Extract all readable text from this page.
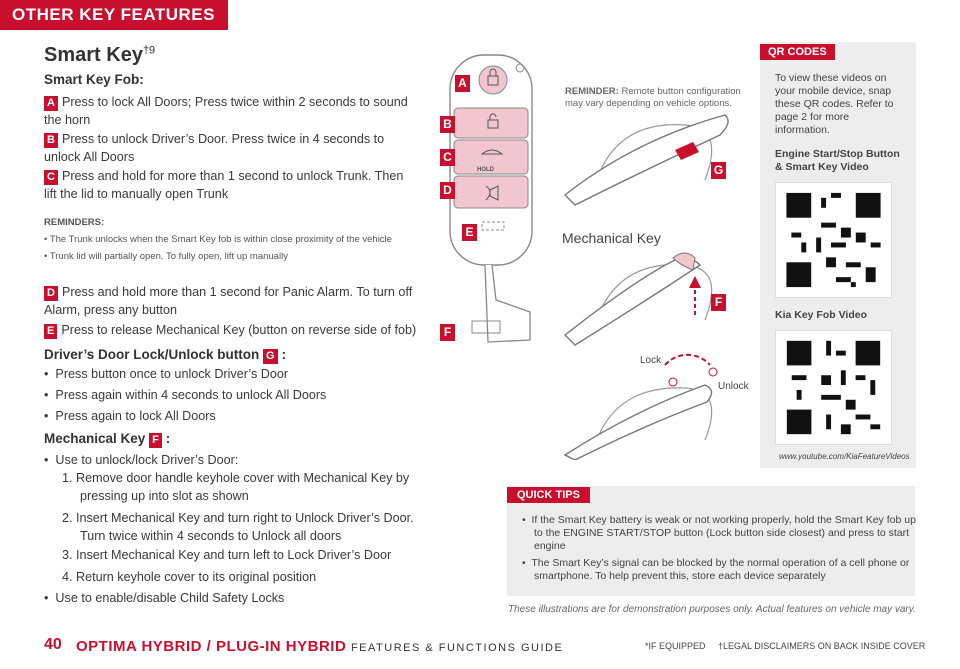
OTHER KEY FEATURES
Smart Key$^{\dagger 9}$
Smart Key Fob:
A Press to lock All Doors; Press twice within 2 seconds to sound the horn
B Press to unlock Driver’s Door. Press twice in 4 seconds to unlock All Doors
C Press and hold for more than 1 second to unlock Trunk. Then lift the lid to manually open Trunk
REMINDERS:
• The Trunk unlocks when the Smart Key fob is within close proximity of the vehicle
• Trunk lid will partially open. To fully open, lift up manually
D Press and hold more than 1 second for Panic Alarm. To turn off Alarm, press any button
E Press to release Mechanical Key (button on reverse side of fob)
Driver’s Door Lock/Unlock button G :
•  Press button once to unlock Driver’s Door
•  Press again within 4 seconds to unlock All Doors
•  Press again to lock All Doors
Mechanical Key F :
•  Use to unlock/lock Driver’s Door:
1. Remove door handle keyhole cover with Mechanical Key by pressing up into slot as shown
2. Insert Mechanical Key and turn right to Unlock Driver’s Door. Turn twice within 4 seconds to Unlock all doors
3. Insert Mechanical Key and turn left to Lock Driver’s Door
4. Return keyhole cover to its original position
•  Use to enable/disable Child Safety Locks
HOLD
A
B
C
D
E
F
REMINDER: Remote button configuration may vary depending on vehicle options.
G
Mechanical Key
F
Lock
Unlock
QR CODES
To view these videos on your mobile device, snap these QR codes. Refer to page 2 for more information.
Engine Start/Stop Button & Smart Key Video
Kia Key Fob Video
www.youtube.com/KiaFeatureVideos
QUICK TIPS
•  If the Smart Key battery is weak or not working properly, hold the Smart Key fob up to the ENGINE START/STOP button (Lock button side closest) and press to start engine
•  The Smart Key’s signal can be blocked by the normal operation of a cell phone or smartphone. To help prevent this, store each device separately
These illustrations are for demonstration purposes only. Actual features on vehicle may vary.
40 OPTIMA HYBRID / PLUG-IN HYBRID FEATURES & FUNCTIONS GUIDE	*IF EQUIPPED     †LEGAL DISCLAIMERS ON BACK INSIDE COVER
